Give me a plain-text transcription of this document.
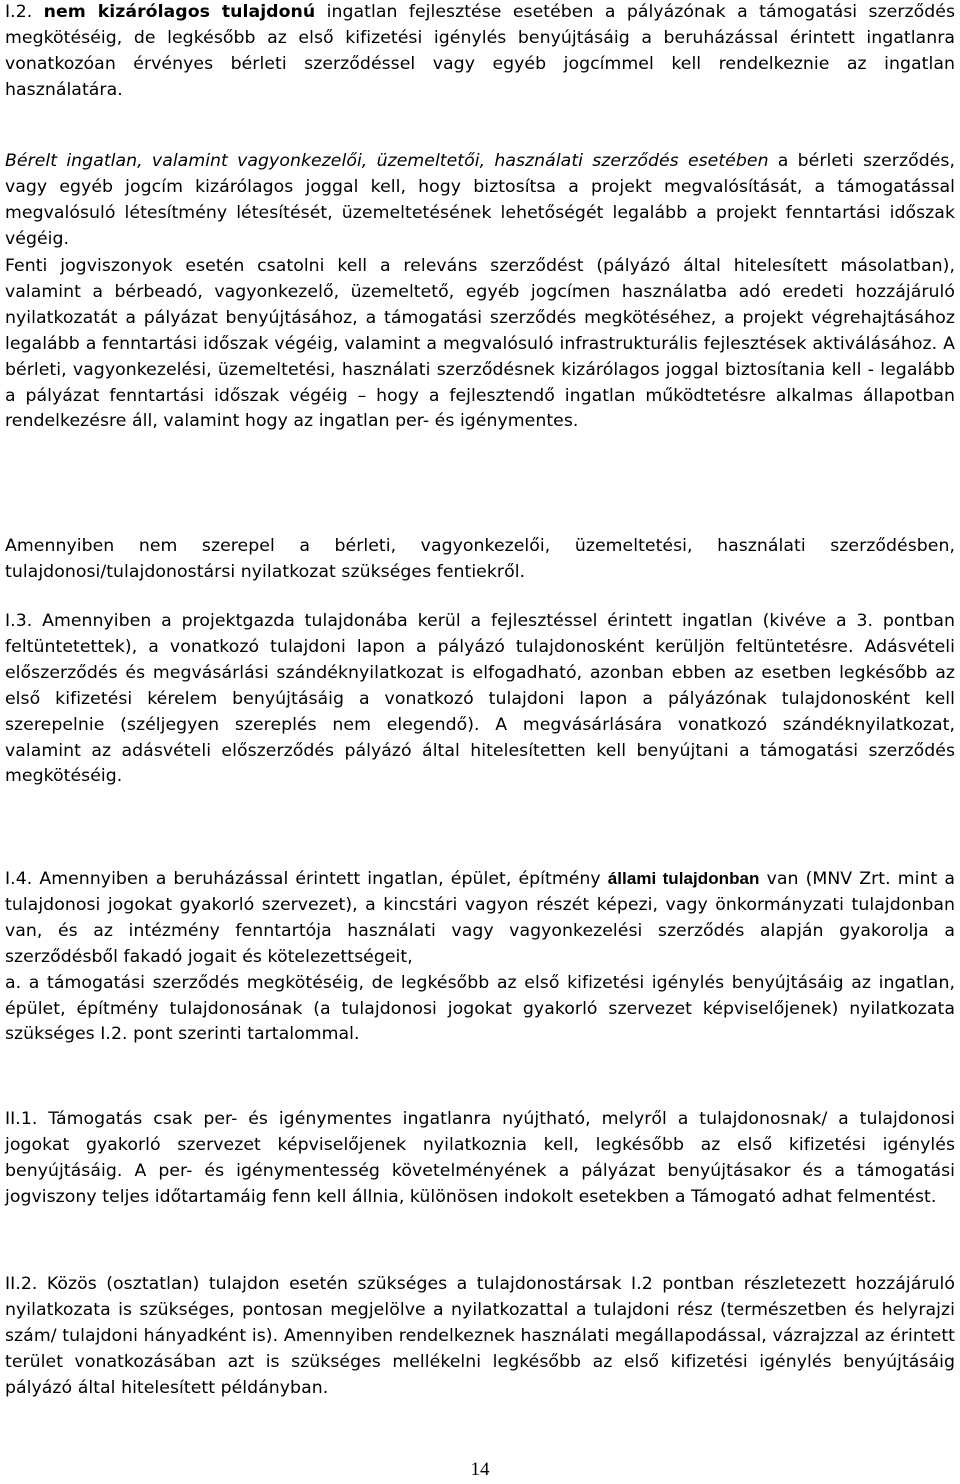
I.2. nem kizárólagos tulajdonú ingatlan fejlesztése esetében a pályázónak a támogatási szerződés megkötéséig, de legkésőbb az első kifizetési igénylés benyújtásáig a beruházással érintett ingatlanra vonatkozóan érvényes bérleti szerződéssel vagy egyéb jogcímmel kell rendelkeznie az ingatlan használatára.

Bérelt ingatlan, valamint vagyonkezelői, üzemeltetői, használati szerződés esetében a bérleti szerződés, vagy egyéb jogcím kizárólagos joggal kell, hogy biztosítsa a projekt megvalósítását, a támogatással megvalósuló létesítmény létesítését, üzemeltetésének lehetőségét legalább a projekt fenntartási időszak végéig.

Fenti jogviszonyok esetén csatolni kell a releváns szerződést (pályázó által hitelesített másolatban), valamint a bérbeadó, vagyonkezelő, üzemeltető, egyéb jogcímen használatba adó eredeti hozzájáruló nyilatkozatát a pályázat benyújtásához, a támogatási szerződés megkötéséhez, a projekt végrehajtásához legalább a fenntartási időszak végéig, valamint a megvalósuló infrastrukturális fejlesztések aktiválásához. A bérleti, vagyonkezelési, üzemeltetési, használati szerződésnek kizárólagos joggal biztosítania kell - legalább a pályázat fenntartási időszak végéig – hogy a fejlesztendő ingatlan működtetésre alkalmas állapotban rendelkezésre áll, valamint hogy az ingatlan per- és igénymentes.

Amennyiben nem szerepel a bérleti, vagyonkezelői, üzemeltetési, használati szerződésben, tulajdonosi/tulajdonostársi nyilatkozat szükséges fentiekről.

I.3. Amennyiben a projektgazda tulajdonába kerül a fejlesztéssel érintett ingatlan (kivéve a 3. pontban feltüntetettek), a vonatkozó tulajdoni lapon a pályázó tulajdonosként kerüljön feltüntetésre. Adásvételi előszerződés és megvásárlási szándéknyilatkozat is elfogadható, azonban ebben az esetben legkésőbb az első kifizetési kérelem benyújtásáig a vonatkozó tulajdoni lapon a pályázónak tulajdonosként kell szerepelnie (széljegyen szereplés nem elegendő). A megvásárlására vonatkozó szándéknyilatkozat, valamint az adásvételi előszerződés pályázó által hitelesítetten kell benyújtani a támogatási szerződés megkötéséig.

I.4. Amennyiben a beruházással érintett ingatlan, épület, építmény állami tulajdonban van (MNV Zrt. mint a tulajdonosi jogokat gyakorló szervezet), a kincstári vagyon részét képezi, vagy önkormányzati tulajdonban van, és az intézmény fenntartója használati vagy vagyonkezelési szerződés alapján gyakorolja a szerződésből fakadó jogait és kötelezettségeit,
a. a támogatási szerződés megkötéséig, de legkésőbb az első kifizetési igénylés benyújtásáig az ingatlan, épület, építmény tulajdonosának (a tulajdonosi jogokat gyakorló szervezet képviselőjenek) nyilatkozata szükséges I.2. pont szerinti tartalommal.

II.1. Támogatás csak per- és igénymentes ingatlanra nyújtható, melyről a tulajdonosnak/ a tulajdonosi jogokat gyakorló szervezet képviselőjenek nyilatkoznia kell, legkésőbb az első kifizetési igénylés benyújtásáig. A per- és igénymentesség követelményének a pályázat benyújtásakor és a támogatási jogviszony teljes időtartamáig fenn kell állnia, különösen indokolt esetekben a Támogató adhat felmentést.

II.2. Közös (osztatlan) tulajdon esetén szükséges a tulajdonostársak I.2 pontban részletezett hozzájáruló nyilatkozata is szükséges, pontosan megjelölve a nyilatkozattal a tulajdoni rész (természetben és helyrajzi szám/ tulajdoni hányadként is). Amennyiben rendelkeznek használati megállapodással, vázrajzzal az érintett terület vonatkozásában azt is szükséges mellékelni legkésőbb az első kifizetési igénylés benyújtásáig pályázó által hitelesített példányban.

14
